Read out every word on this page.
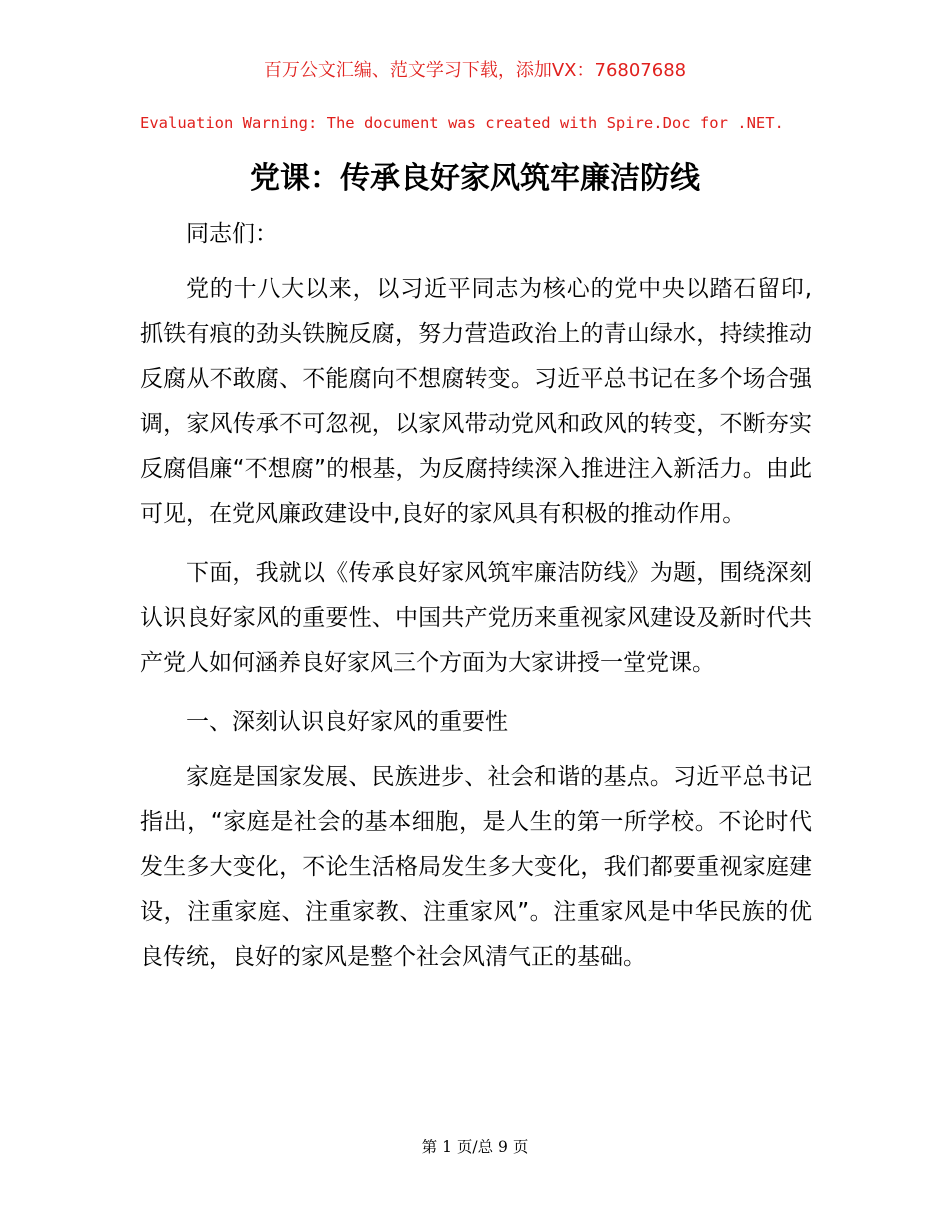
百万公文汇编、范文学习下载，添加VX：76807688
Evaluation Warning: The document was created with Spire.Doc for .NET.
党课：传承良好家风筑牢廉洁防线

同志们：

党的十八大以来，以习近平同志为核心的党中央以踏石留印,抓铁有痕的劲头铁腕反腐，努力营造政治上的青山绿水，持续推动反腐从不敢腐、不能腐向不想腐转变。习近平总书记在多个场合强调，家风传承不可忽视，以家风带动党风和政风的转变，不断夯实反腐倡廉“不想腐”的根基，为反腐持续深入推进注入新活力。由此可见，在党风廉政建设中,良好的家风具有积极的推动作用。

下面，我就以《传承良好家风筑牢廉洁防线》为题，围绕深刻认识良好家风的重要性、中国共产党历来重视家风建设及新时代共产党人如何涵养良好家风三个方面为大家讲授一堂党课。

一、深刻认识良好家风的重要性

家庭是国家发展、民族进步、社会和谐的基点。习近平总书记指出，“家庭是社会的基本细胞，是人生的第一所学校。不论时代发生多大变化，不论生活格局发生多大变化，我们都要重视家庭建设，注重家庭、注重家教、注重家风”。注重家风是中华民族的优良传统，良好的家风是整个社会风清气正的基础。

第 1 页/总 9 页
